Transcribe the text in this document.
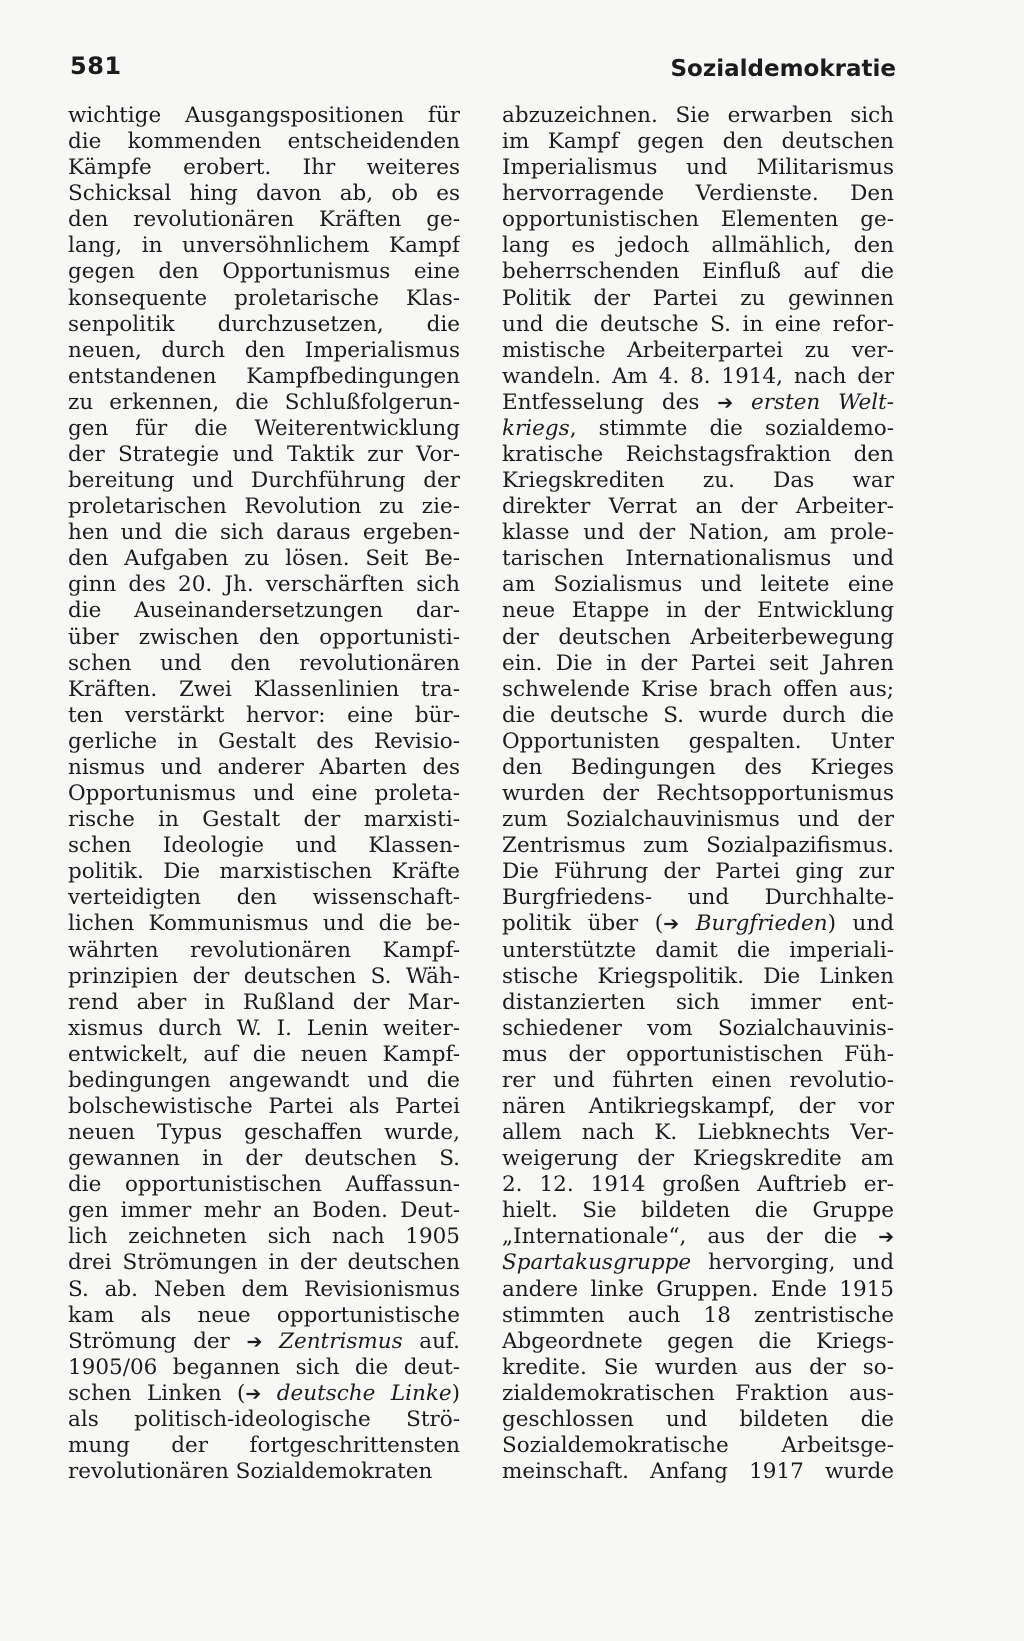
581	Sozialdemokratie
wichtige Ausgangspositionen für
die kommenden entscheidenden
Kämpfe erobert. Ihr weiteres
Schicksal hing davon ab, ob es
den revolutionären Kräften ge-
lang, in unversöhnlichem Kampf
gegen den Opportunismus eine
konsequente proletarische Klas-
senpolitik durchzusetzen, die
neuen, durch den Imperialismus
entstandenen Kampfbedingungen
zu erkennen, die Schlußfolgerun-
gen für die Weiterentwicklung
der Strategie und Taktik zur Vor-
bereitung und Durchführung der
proletarischen Revolution zu zie-
hen und die sich daraus ergeben-
den Aufgaben zu lösen. Seit Be-
ginn des 20. Jh. verschärften sich
die Auseinandersetzungen dar-
über zwischen den opportunisti-
schen und den revolutionären
Kräften. Zwei Klassenlinien tra-
ten verstärkt hervor: eine bür-
gerliche in Gestalt des Revisio-
nismus und anderer Abarten des
Opportunismus und eine proleta-
rische in Gestalt der marxisti-
schen Ideologie und Klassen-
politik. Die marxistischen Kräfte
verteidigten den wissenschaft-
lichen Kommunismus und die be-
währten revolutionären Kampf-
prinzipien der deutschen S. Wäh-
rend aber in Rußland der Mar-
xismus durch W. I. Lenin weiter-
entwickelt, auf die neuen Kampf-
bedingungen angewandt und die
bolschewistische Partei als Partei
neuen Typus geschaffen wurde,
gewannen in der deutschen S.
die opportunistischen Auffassun-
gen immer mehr an Boden. Deut-
lich zeichneten sich nach 1905
drei Strömungen in der deutschen
S. ab. Neben dem Revisionismus
kam als neue opportunistische
Strömung der ➔ Zentrismus auf.
1905/06 begannen sich die deut-
schen Linken (➔ deutsche Linke)
als politisch-ideologische Strö-
mung der fortgeschrittensten
revolutionären Sozialdemokraten
abzuzeichnen. Sie erwarben sich
im Kampf gegen den deutschen
Imperialismus und Militarismus
hervorragende Verdienste. Den
opportunistischen Elementen ge-
lang es jedoch allmählich, den
beherrschenden Einfluß auf die
Politik der Partei zu gewinnen
und die deutsche S. in eine refor-
mistische Arbeiterpartei zu ver-
wandeln. Am 4. 8. 1914, nach der
Entfesselung des ➔ ersten Welt-
kriegs, stimmte die sozialdemo-
kratische Reichstagsfraktion den
Kriegskrediten zu. Das war
direkter Verrat an der Arbeiter-
klasse und der Nation, am prole-
tarischen Internationalismus und
am Sozialismus und leitete eine
neue Etappe in der Entwicklung
der deutschen Arbeiterbewegung
ein. Die in der Partei seit Jahren
schwelende Krise brach offen aus;
die deutsche S. wurde durch die
Opportunisten gespalten. Unter
den Bedingungen des Krieges
wurden der Rechtsopportunismus
zum Sozialchauvinismus und der
Zentrismus zum Sozialpazifismus.
Die Führung der Partei ging zur
Burgfriedens- und Durchhalte-
politik über (➔ Burgfrieden) und
unterstützte damit die imperiali-
stische Kriegspolitik. Die Linken
distanzierten sich immer ent-
schiedener vom Sozialchauvinis-
mus der opportunistischen Füh-
rer und führten einen revolutio-
nären Antikriegskampf, der vor
allem nach K. Liebknechts Ver-
weigerung der Kriegskredite am
2. 12. 1914 großen Auftrieb er-
hielt. Sie bildeten die Gruppe
„Internationale“, aus der die ➔
Spartakusgruppe hervorging, und
andere linke Gruppen. Ende 1915
stimmten auch 18 zentristische
Abgeordnete gegen die Kriegs-
kredite. Sie wurden aus der so-
zialdemokratischen Fraktion aus-
geschlossen und bildeten die
Sozialdemokratische Arbeitsge-
meinschaft. Anfang 1917 wurde
